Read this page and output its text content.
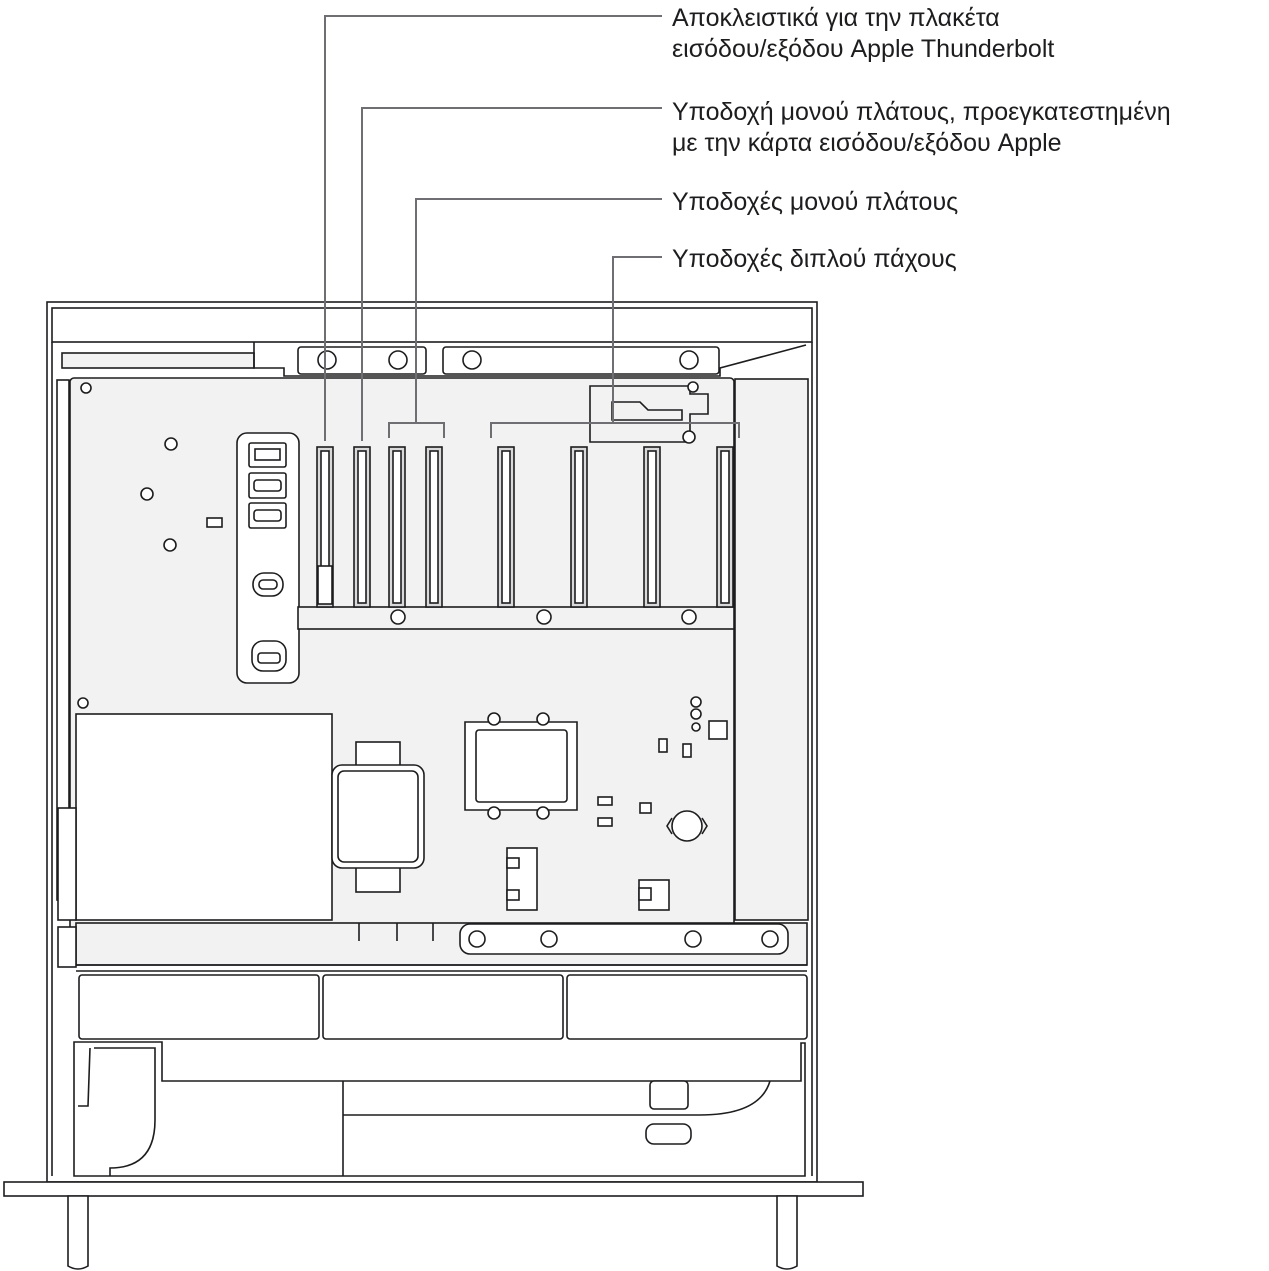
Αποκλειστικά για την πλακέτα
εισόδου/εξόδου Apple Thunderbolt
Υποδοχή μονού πλάτους, προεγκατεστημένη
με την κάρτα εισόδου/εξόδου Apple
Υποδοχές μονού πλάτους
Υποδοχές διπλού πάχους
